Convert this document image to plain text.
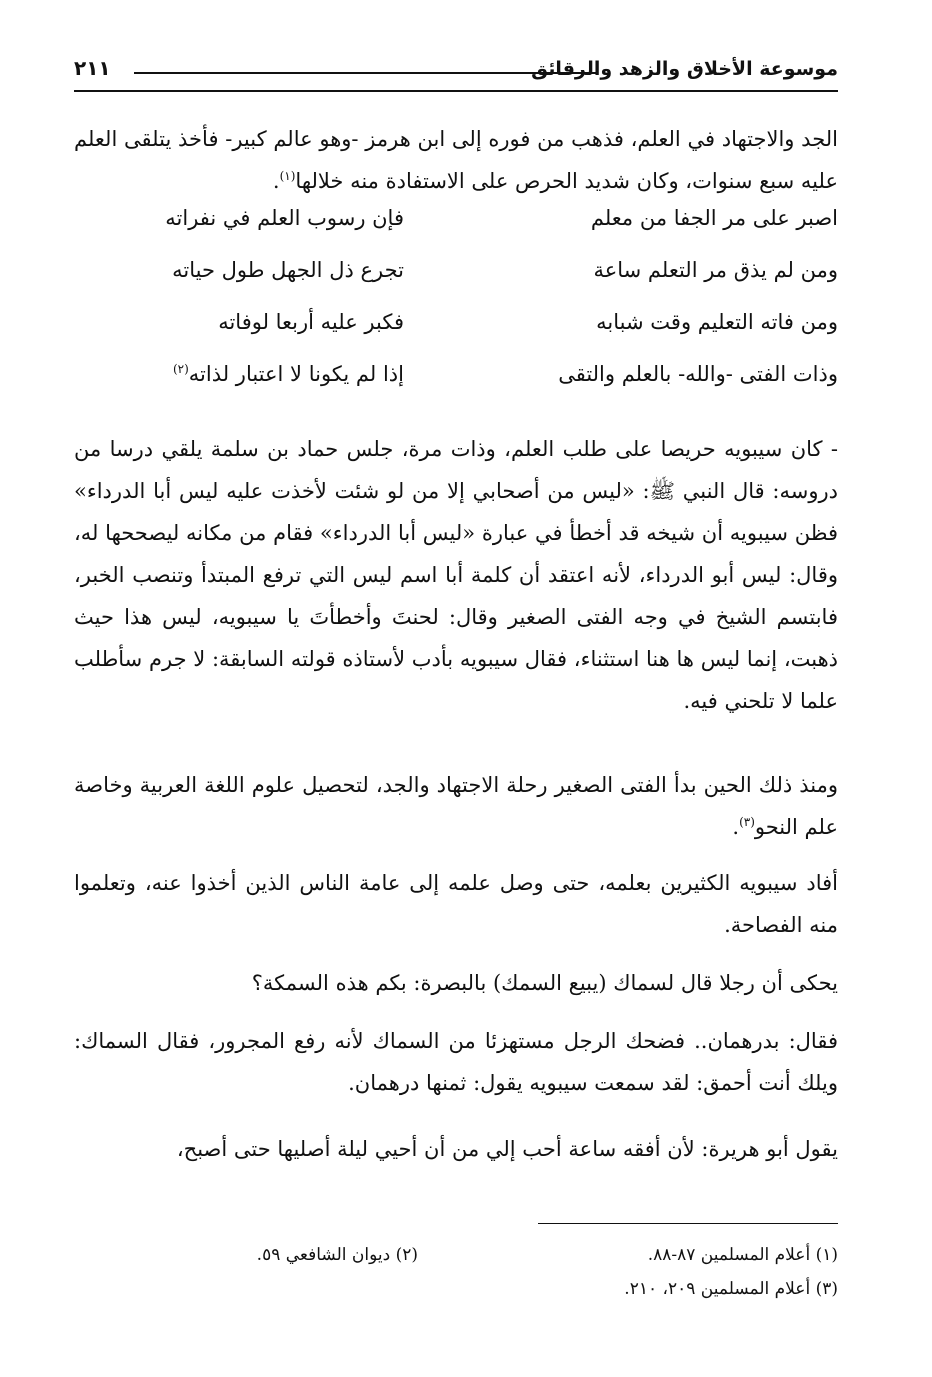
موسوعة الأخلاق والزهد والرقائق
٢١١

الجد والاجتهاد في العلم، فذهب من فوره إلى ابن هرمز -وهو عالم كبير- فأخذ يتلقى العلم عليه سبع سنوات، وكان شديد الحرص على الاستفادة منه خلالها$^{(١)}$.

اصبر على مر الجفا من معلم
فإن رسوب العلم في نفراته
ومن لم يذق مر التعلم ساعة
تجرع ذل الجهل طول حياته
ومن فاته التعليم وقت شبابه
فكبر عليه أربعا لوفاته
وذات الفتى -والله- بالعلم والتقى
إذا لم يكونا لا اعتبار لذاته$^{(٢)}$

- كان سيبويه حريصا على طلب العلم، وذات مرة، جلس حماد بن سلمة يلقي درسا من دروسه: قال النبي ﷺ: «ليس من أصحابي إلا من لو شئت لأخذت عليه ليس أبا الدرداء» فظن سيبويه أن شيخه قد أخطأ في عبارة «ليس أبا الدرداء» فقام من مكانه ليصححها له، وقال: ليس أبو الدرداء، لأنه اعتقد أن كلمة أبا اسم ليس التي ترفع المبتدأ وتنصب الخبر، فابتسم الشيخ في وجه الفتى الصغير وقال: لحنتَ وأخطأتَ يا سيبويه، ليس هذا حيث ذهبت، إنما ليس ها هنا استثناء، فقال سيبويه بأدب لأستاذه قولته السابقة: لا جرم سأطلب علما لا تلحني فيه.

ومنذ ذلك الحين بدأ الفتى الصغير رحلة الاجتهاد والجد، لتحصيل علوم اللغة العربية وخاصة علم النحو$^{(٣)}$.

أفاد سيبويه الكثيرين بعلمه، حتى وصل علمه إلى عامة الناس الذين أخذوا عنه، وتعلموا منه الفصاحة.

يحكى أن رجلا قال لسماك (يبيع السمك) بالبصرة: بكم هذه السمكة؟

فقال: بدرهمان.. فضحك الرجل مستهزئا من السماك لأنه رفع المجرور، فقال السماك: ويلك أنت أحمق: لقد سمعت سيبويه يقول: ثمنها درهمان.

يقول أبو هريرة: لأن أفقه ساعة أحب إلي من أن أحيي ليلة أصليها حتى أصبح،

(١) أعلام المسلمين ٨٧-٨٨.
(٢) ديوان الشافعي ٥٩.
(٣) أعلام المسلمين ٢٠٩، ٢١٠.
